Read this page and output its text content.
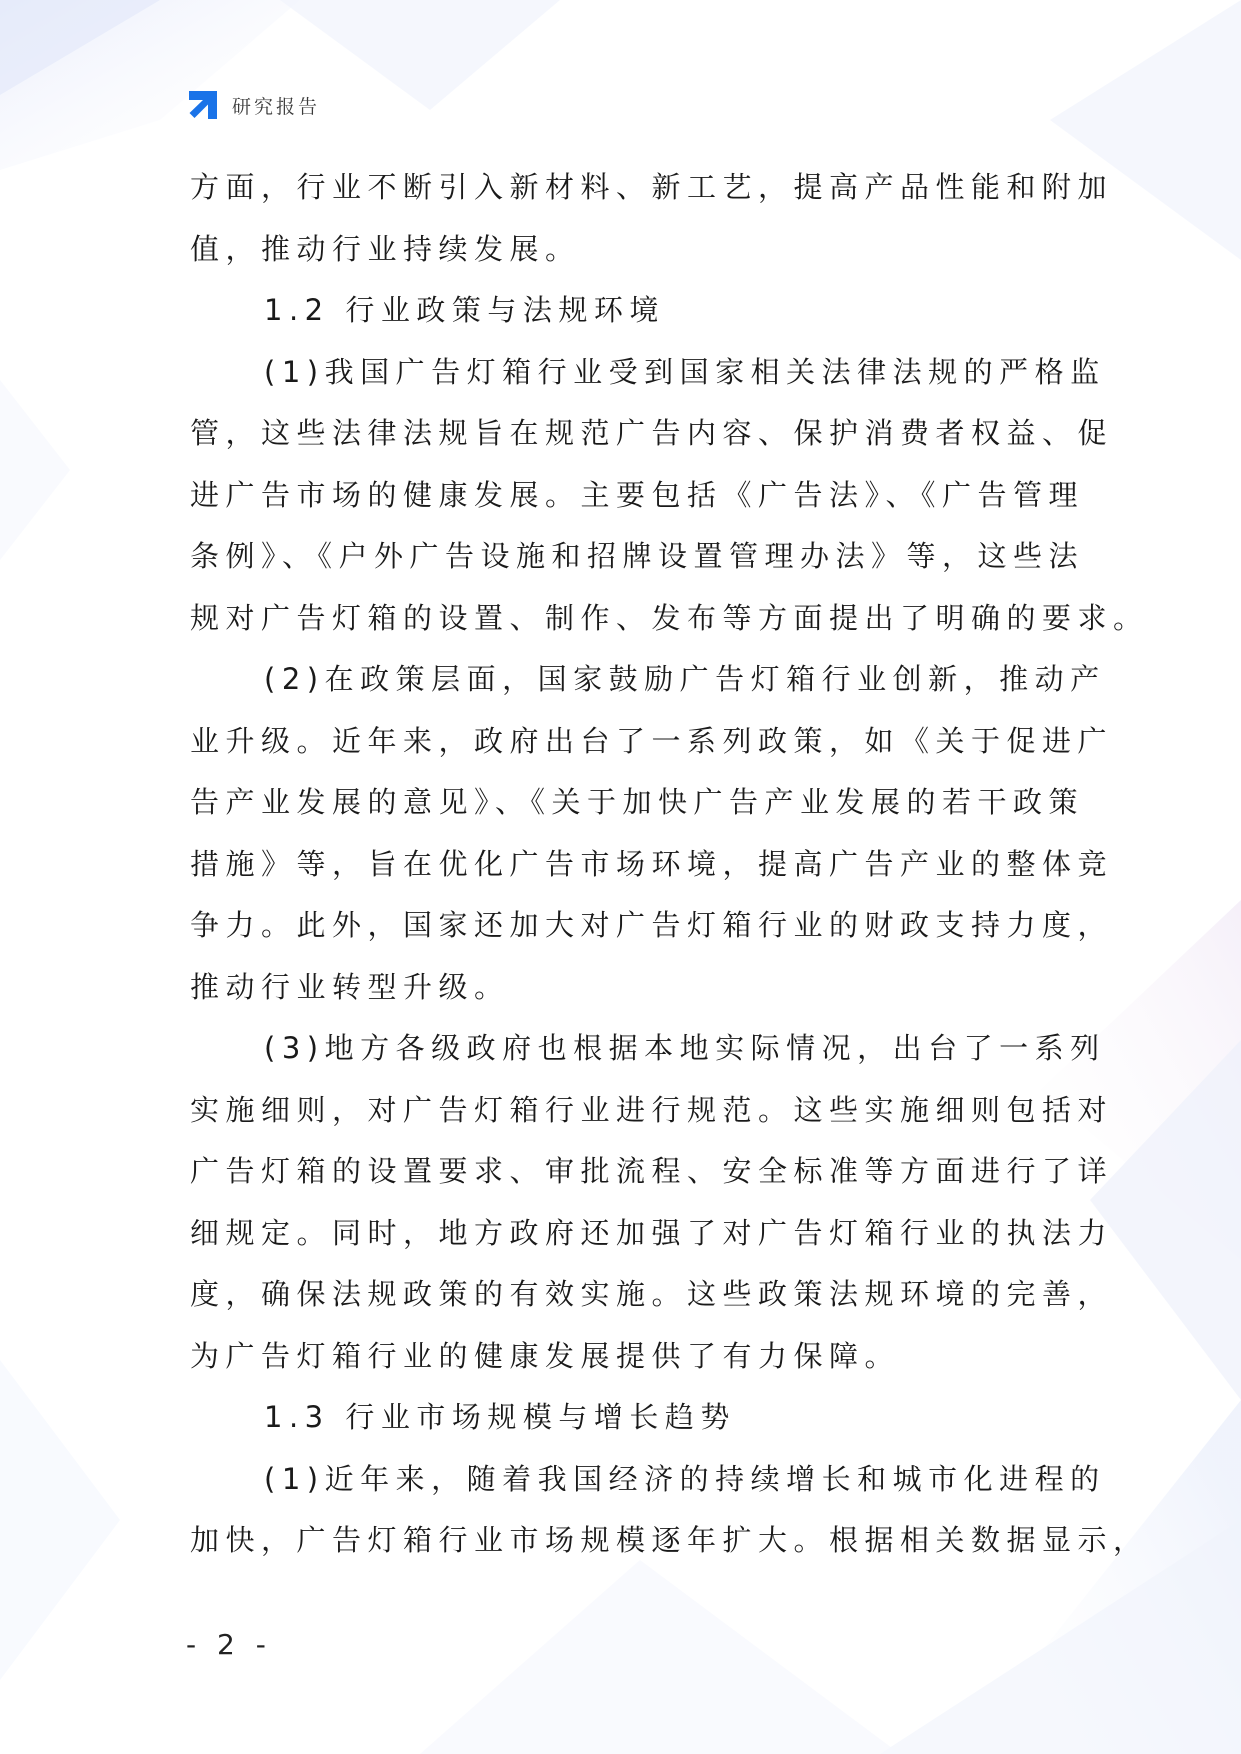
研究报告
方面，行业不断引入新材料、新工艺，提高产品性能和附加
值，推动行业持续发展。
1.2 行业政策与法规环境
(1)我国广告灯箱行业受到国家相关法律法规的严格监
管，这些法律法规旨在规范广告内容、保护消费者权益、促
进广告市场的健康发展。主要包括《广告法》、《广告管理
条例》、《户外广告设施和招牌设置管理办法》等，这些法
规对广告灯箱的设置、制作、发布等方面提出了明确的要求。
(2)在政策层面，国家鼓励广告灯箱行业创新，推动产
业升级。近年来，政府出台了一系列政策，如《关于促进广
告产业发展的意见》、《关于加快广告产业发展的若干政策
措施》等，旨在优化广告市场环境，提高广告产业的整体竞
争力。此外，国家还加大对广告灯箱行业的财政支持力度，
推动行业转型升级。
(3)地方各级政府也根据本地实际情况，出台了一系列
实施细则，对广告灯箱行业进行规范。这些实施细则包括对
广告灯箱的设置要求、审批流程、安全标准等方面进行了详
细规定。同时，地方政府还加强了对广告灯箱行业的执法力
度，确保法规政策的有效实施。这些政策法规环境的完善，
为广告灯箱行业的健康发展提供了有力保障。
1.3 行业市场规模与增长趋势
(1)近年来，随着我国经济的持续增长和城市化进程的
加快，广告灯箱行业市场规模逐年扩大。根据相关数据显示，
- 2 -
